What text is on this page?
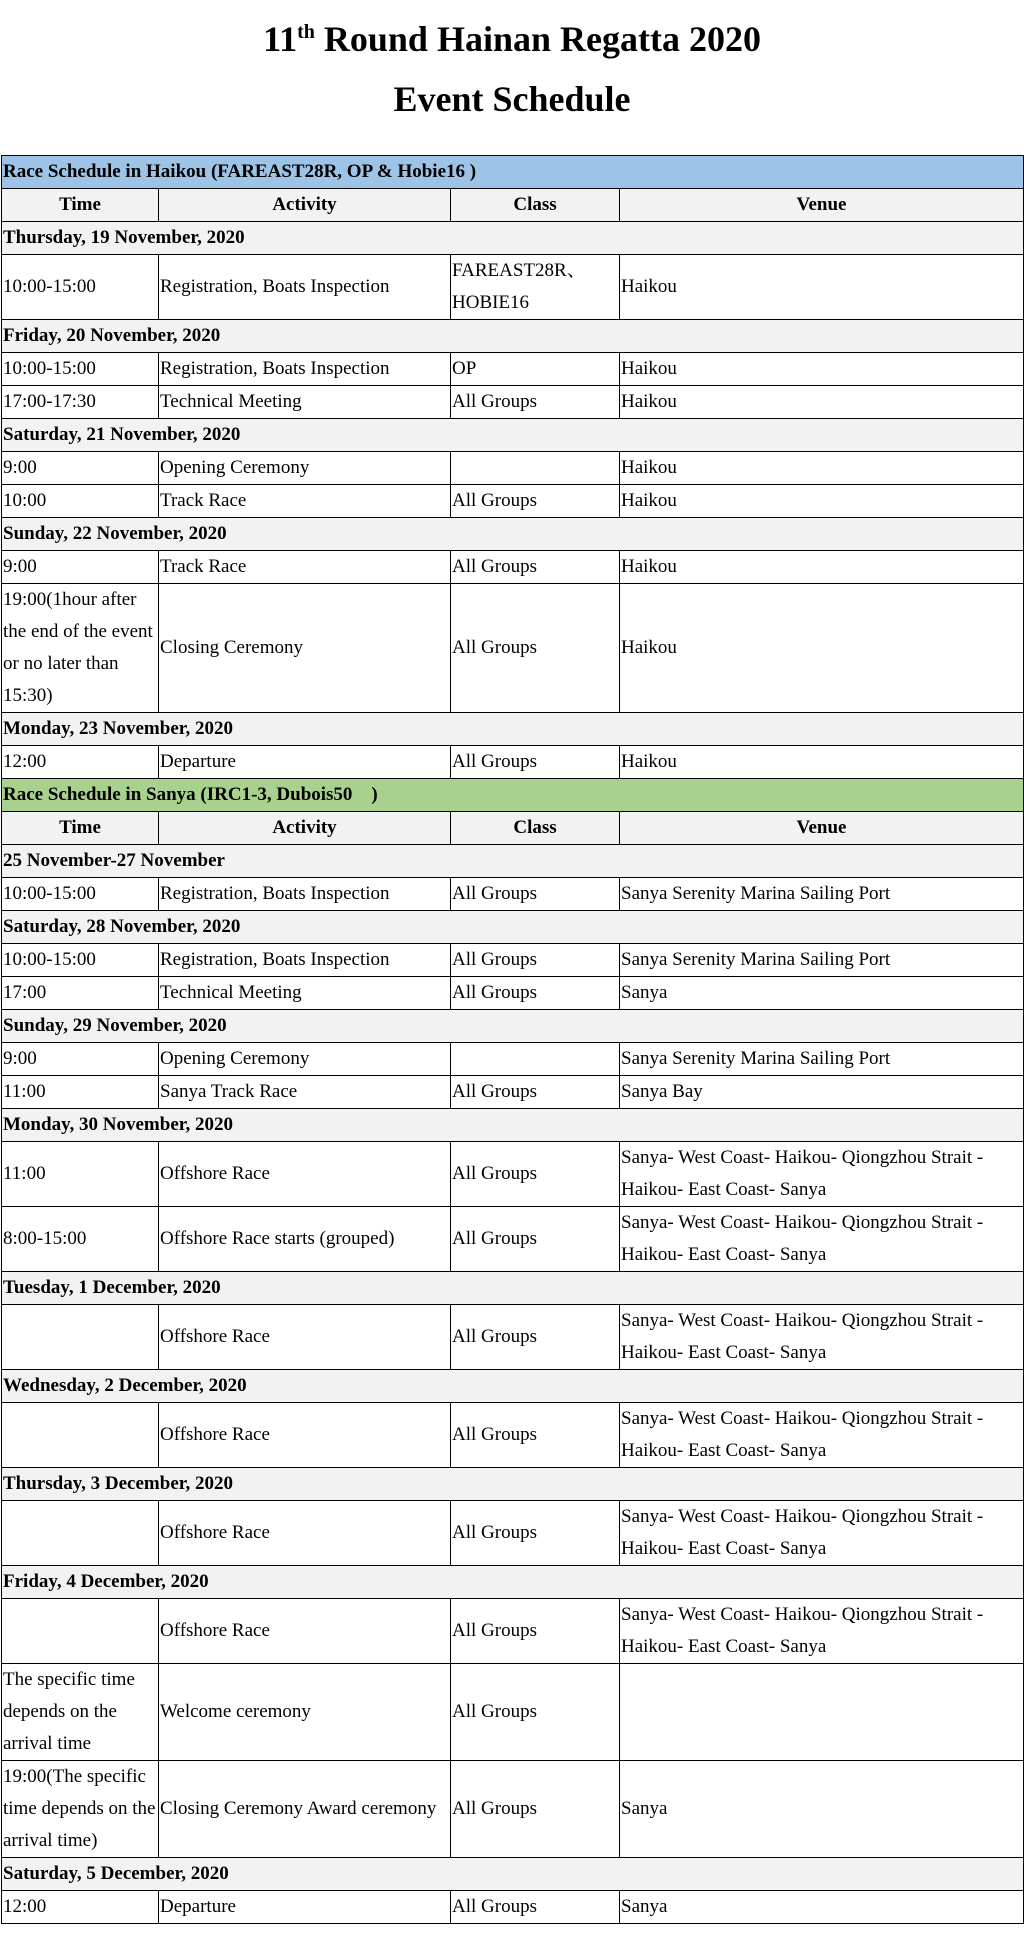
11th Round Hainan Regatta 2020
Event Schedule
Race Schedule in Haikou (FAREAST28R, OP & Hobie16 )			
Time	Activity	Class	Venue
Thursday, 19 November, 2020			
10:00-15:00	Registration, Boats Inspection	FAREAST28R、HOBIE16	Haikou
Friday, 20 November, 2020			
10:00-15:00	Registration, Boats Inspection	OP	Haikou
17:00-17:30	Technical Meeting	All Groups	Haikou
Saturday, 21 November, 2020			
9:00	Opening Ceremony		Haikou
10:00	Track Race	All Groups	Haikou
Sunday, 22 November, 2020			
9:00	Track Race	All Groups	Haikou
19:00(1hour after the end of the event or no later than 15:30)	Closing Ceremony	All Groups	Haikou
Monday, 23 November, 2020			
12:00	Departure	All Groups	Haikou
Race Schedule in Sanya (IRC1-3, Dubois50　)			
Time	Activity	Class	Venue
25 November-27 November			
10:00-15:00	Registration, Boats Inspection	All Groups	Sanya Serenity Marina Sailing Port
Saturday, 28 November, 2020			
10:00-15:00	Registration, Boats Inspection	All Groups	Sanya Serenity Marina Sailing Port
17:00	Technical Meeting	All Groups	Sanya
Sunday, 29 November, 2020			
9:00	Opening Ceremony		Sanya Serenity Marina Sailing Port
11:00	Sanya Track Race	All Groups	Sanya Bay
Monday, 30 November, 2020			
11:00	Offshore Race	All Groups	Sanya- West Coast- Haikou- Qiongzhou Strait -Haikou- East Coast- Sanya
8:00-15:00	Offshore Race starts (grouped)	All Groups	Sanya- West Coast- Haikou- Qiongzhou Strait -Haikou- East Coast- Sanya
Tuesday, 1 December, 2020			
	Offshore Race	All Groups	Sanya- West Coast- Haikou- Qiongzhou Strait -Haikou- East Coast- Sanya
Wednesday, 2 December, 2020			
	Offshore Race	All Groups	Sanya- West Coast- Haikou- Qiongzhou Strait -Haikou- East Coast- Sanya
Thursday, 3 December, 2020			
	Offshore Race	All Groups	Sanya- West Coast- Haikou- Qiongzhou Strait -Haikou- East Coast- Sanya
Friday, 4 December, 2020			
	Offshore Race	All Groups	Sanya- West Coast- Haikou- Qiongzhou Strait -Haikou- East Coast- Sanya
The specific time depends on the arrival time	Welcome ceremony	All Groups	
19:00(The specific time depends on the arrival time)	Closing Ceremony Award ceremony	All Groups	Sanya
Saturday, 5 December, 2020			
12:00	Departure	All Groups	Sanya
